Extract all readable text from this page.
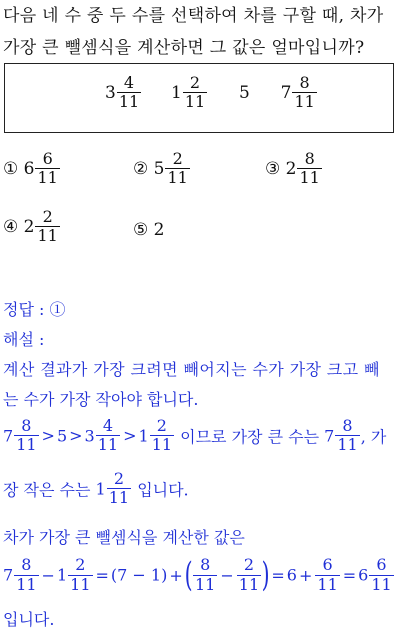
다음 네 수 중 두 수를 선택하여 차를 구할 때, 차가
가장 큰 뺄셈식을 계산하면 그 값은 얼마입니까?
$3 \frac{4}{11} 1 \frac{2}{11} 5$ $7 \frac{8}{11}$
① $6 \frac{6}{11}$	② $5 \frac{2}{11}$	③ $2 \frac{8}{11}$
④ $2 \frac{2}{11}$	⑤ 2
정답 : ①
해설 :
계산 결과가 가장 크려면 빼어지는 수가 가장 크고 빼
는 수가 가장 작아야 합니다.
$7 \frac{8}{11} > 5 > 3 \frac{4}{11} > 1 \frac{2}{11}$ 이므로 가장 큰 수는 $7 \frac{8}{11}$ , 가
장 작은 수는 $1 \frac{2}{11}$ 입니다.
차가 가장 큰 뺄셈식을 계산한 값은
$7 \frac{8}{11} - 1 \frac{2}{11} = (7 - 1)$ +( $\frac{8}{11} - \frac{2}{11}$ ) = $6 + \frac{6}{11} = 6 \frac{6}{11}$
입니다.
